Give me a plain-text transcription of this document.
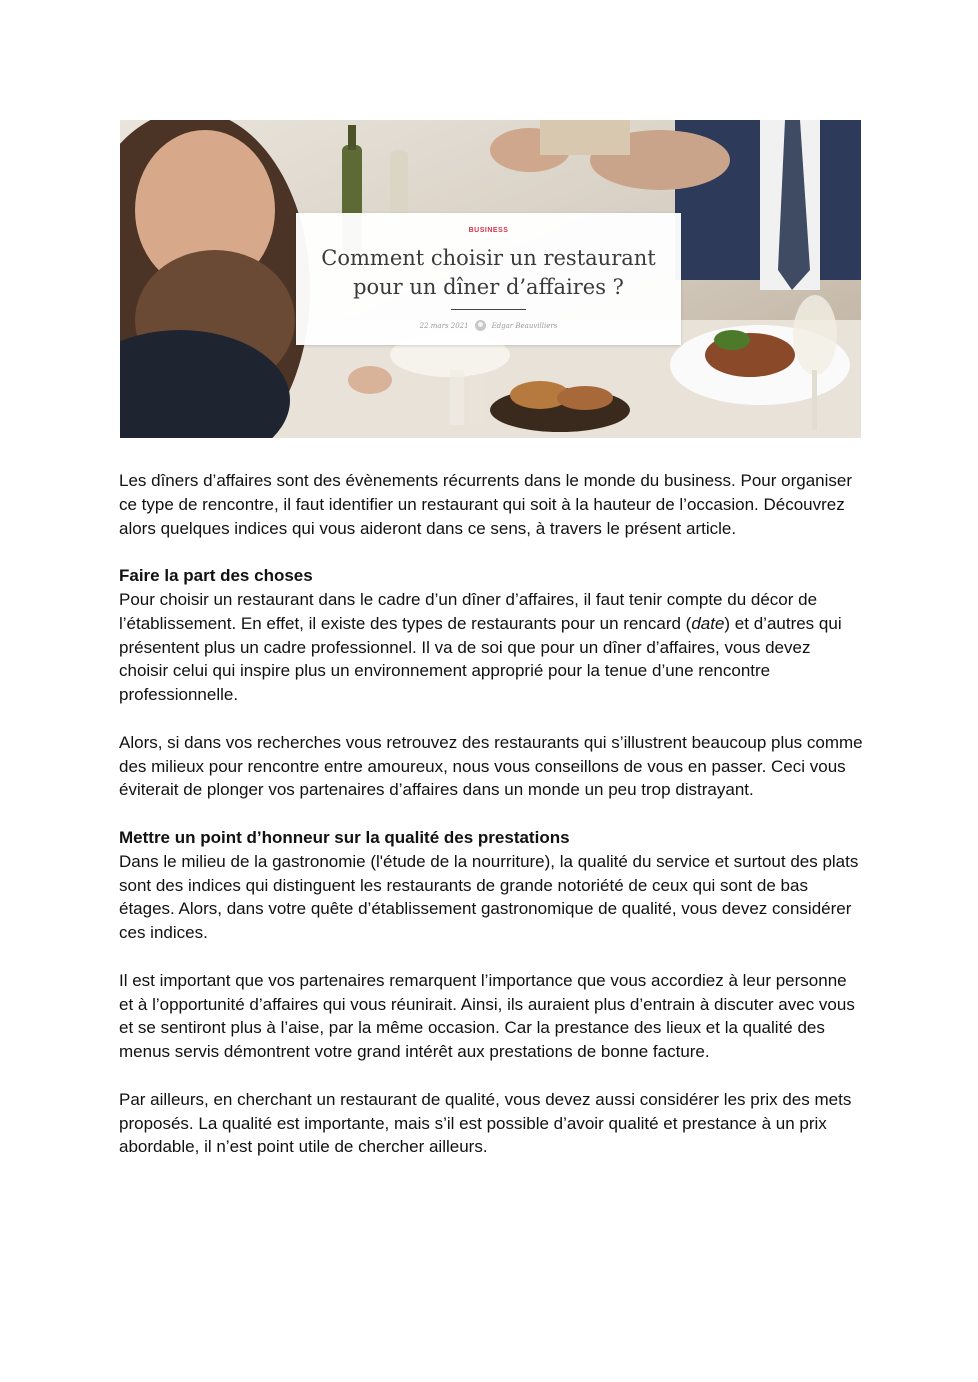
BUSINESS
Comment choisir un restaurant
pour un dîner d’affaires ?
22 mars 2021	Edgar Beauvilliers

Les dîners d’affaires sont des évènements récurrents dans le monde du business. Pour organiser ce type de rencontre, il faut identifier un restaurant qui soit à la hauteur de l’occasion. Découvrez alors quelques indices qui vous aideront dans ce sens, à travers le présent article.

Faire la part des choses

Pour choisir un restaurant dans le cadre d’un dîner d’affaires, il faut tenir compte du décor de l’établissement. En effet, il existe des types de restaurants pour un rencard (date) et d’autres qui présentent plus un cadre professionnel. Il va de soi que pour un dîner d’affaires, vous devez choisir celui qui inspire plus un environnement approprié pour la tenue d’une rencontre professionnelle.

Alors, si dans vos recherches vous retrouvez des restaurants qui s’illustrent beaucoup plus comme des milieux pour rencontre entre amoureux, nous vous conseillons de vous en passer. Ceci vous éviterait de plonger vos partenaires d’affaires dans un monde un peu trop distrayant.

Mettre un point d’honneur sur la qualité des prestations

Dans le milieu de la gastronomie (l'étude de la nourriture), la qualité du service et surtout des plats sont des indices qui distinguent les restaurants de grande notoriété de ceux qui sont de bas étages. Alors, dans votre quête d’établissement gastronomique de qualité, vous devez considérer ces indices.

Il est important que vos partenaires remarquent l’importance que vous accordiez à leur personne et à l’opportunité d’affaires qui vous réunirait. Ainsi, ils auraient plus d’entrain à discuter avec vous et se sentiront plus à l’aise, par la même occasion. Car la prestance des lieux et la qualité des menus servis démontrent votre grand intérêt aux prestations de bonne facture.

Par ailleurs, en cherchant un restaurant de qualité, vous devez aussi considérer les prix des mets proposés. La qualité est importante, mais s’il est possible d’avoir qualité et prestance à un prix abordable, il n’est point utile de chercher ailleurs.
